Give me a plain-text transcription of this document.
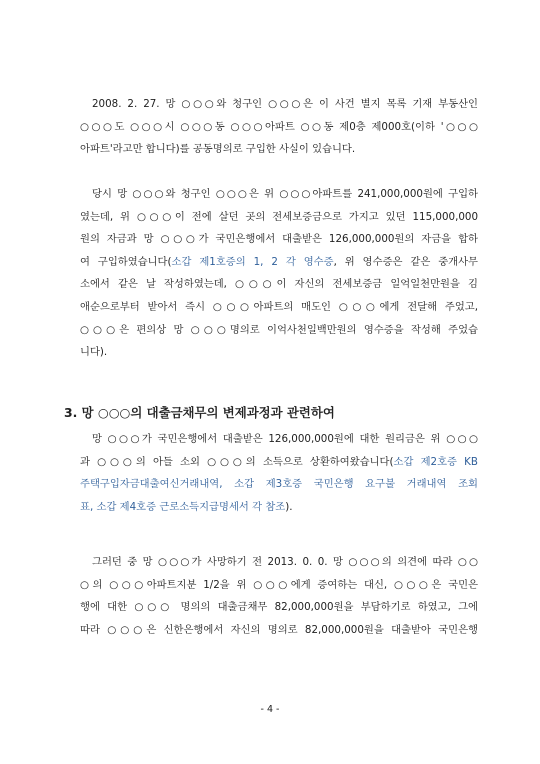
2008. 2. 27. 망 ○○○와 청구인 ○○○은 이 사건 별지 목록 기재 부동산인
○○○도 ○○○시 ○○○동 ○○○아파트 ○○동 제0층 제000호(이하 '○○○
아파트'라고만 합니다)를 공동명의로 구입한 사실이 있습니다.
당시 망 ○○○와 청구인 ○○○은 위 ○○○아파트를 241,000,000원에 구입하
였는데, 위 ○○○이 전에 살던 곳의 전세보증금으로 가지고 있던 115,000,000
원의 자금과 망 ○○○가 국민은행에서 대출받은 126,000,000원의 자금을 합하
여 구입하였습니다(소갑 제1호증의 1, 2 각 영수증, 위 영수증은 같은 중개사무
소에서 같은 날 작성하였는데, ○○○이 자신의 전세보증금 일억일천만원을 김
애순으로부터 받아서 즉시 ○○○아파트의 매도인 ○○○에게 전달해 주었고,
○○○은 편의상 망 ○○○명의로 이억사천일백만원의 영수증을 작성해 주었습
니다).
3. 망 ○○○의 대출금채무의 변제과정과 관련하여
망 ○○○가 국민은행에서 대출받은 126,000,000원에 대한 원리금은 위 ○○○
과 ○○○의 아들 소외 ○○○의 소득으로 상환하여왔습니다(소갑 제2호증 KB
주택구입자금대출여신거래내역, 소갑 제3호증 국민은행 요구불 거래내역 조회
표, 소갑 제4호증 근로소득지급명세서 각 참조).
그러던 중 망 ○○○가 사망하기 전 2013. 0. 0. 망 ○○○의 의견에 따라 ○○
○의 ○○○아파트지분 1/2을 위 ○○○에게 증여하는 대신, ○○○은 국민은
행에 대한 ○○○ 명의의 대출금채무 82,000,000원을 부담하기로 하였고, 그에
따라 ○○○은 신한은행에서 자신의 명의로 82,000,000원을 대출받아 국민은행
- 4 -
